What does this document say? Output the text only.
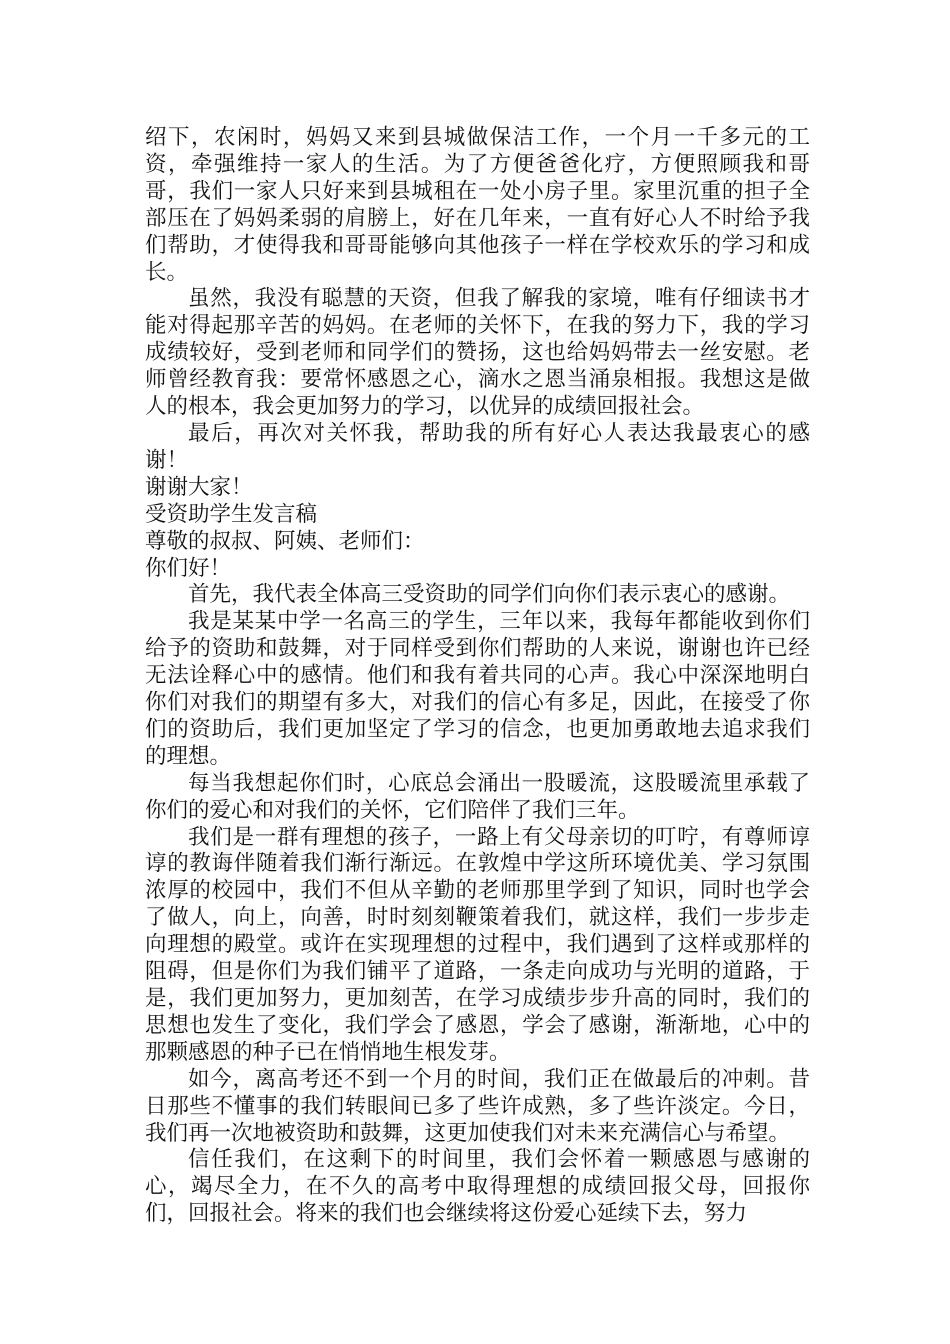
绍下，农闲时，妈妈又来到县城做保洁工作，一个月一千多元的工资，牵强维持一家人的生活。为了方便爸爸化疗，方便照顾我和哥哥，我们一家人只好来到县城租在一处小房子里。家里沉重的担子全部压在了妈妈柔弱的肩膀上，好在几年来，一直有好心人不时给予我们帮助，才使得我和哥哥能够向其他孩子一样在学校欢乐的学习和成长。

虽然，我没有聪慧的天资，但我了解我的家境，唯有仔细读书才能对得起那辛苦的妈妈。在老师的关怀下，在我的努力下，我的学习成绩较好，受到老师和同学们的赞扬，这也给妈妈带去一丝安慰。老师曾经教育我：要常怀感恩之心，滴水之恩当涌泉相报。我想这是做人的根本，我会更加努力的学习，以优异的成绩回报社会。

最后，再次对关怀我，帮助我的所有好心人表达我最衷心的感谢！

谢谢大家！

受资助学生发言稿

尊敬的叔叔、阿姨、老师们：

你们好！

首先，我代表全体高三受资助的同学们向你们表示衷心的感谢。

我是某某中学一名高三的学生，三年以来，我每年都能收到你们给予的资助和鼓舞，对于同样受到你们帮助的人来说，谢谢也许已经无法诠释心中的感情。他们和我有着共同的心声。我心中深深地明白你们对我们的期望有多大，对我们的信心有多足，因此，在接受了你们的资助后，我们更加坚定了学习的信念，也更加勇敢地去追求我们的理想。

每当我想起你们时，心底总会涌出一股暖流，这股暖流里承载了你们的爱心和对我们的关怀，它们陪伴了我们三年。

我们是一群有理想的孩子，一路上有父母亲切的叮咛，有尊师谆谆的教诲伴随着我们渐行渐远。在敦煌中学这所环境优美、学习氛围浓厚的校园中，我们不但从辛勤的老师那里学到了知识，同时也学会了做人，向上，向善，时时刻刻鞭策着我们，就这样，我们一步步走向理想的殿堂。或许在实现理想的过程中，我们遇到了这样或那样的阻碍，但是你们为我们铺平了道路，一条走向成功与光明的道路，于是，我们更加努力，更加刻苦，在学习成绩步步升高的同时，我们的思想也发生了变化，我们学会了感恩，学会了感谢，渐渐地，心中的那颗感恩的种子已在悄悄地生根发芽。

如今，离高考还不到一个月的时间，我们正在做最后的冲刺。昔日那些不懂事的我们转眼间已多了些许成熟，多了些许淡定。今日，我们再一次地被资助和鼓舞，这更加使我们对未来充满信心与希望。

信任我们，在这剩下的时间里，我们会怀着一颗感恩与感谢的心，竭尽全力，在不久的高考中取得理想的成绩回报父母，回报你们，回报社会。将来的我们也会继续将这份爱心延续下去，努力
